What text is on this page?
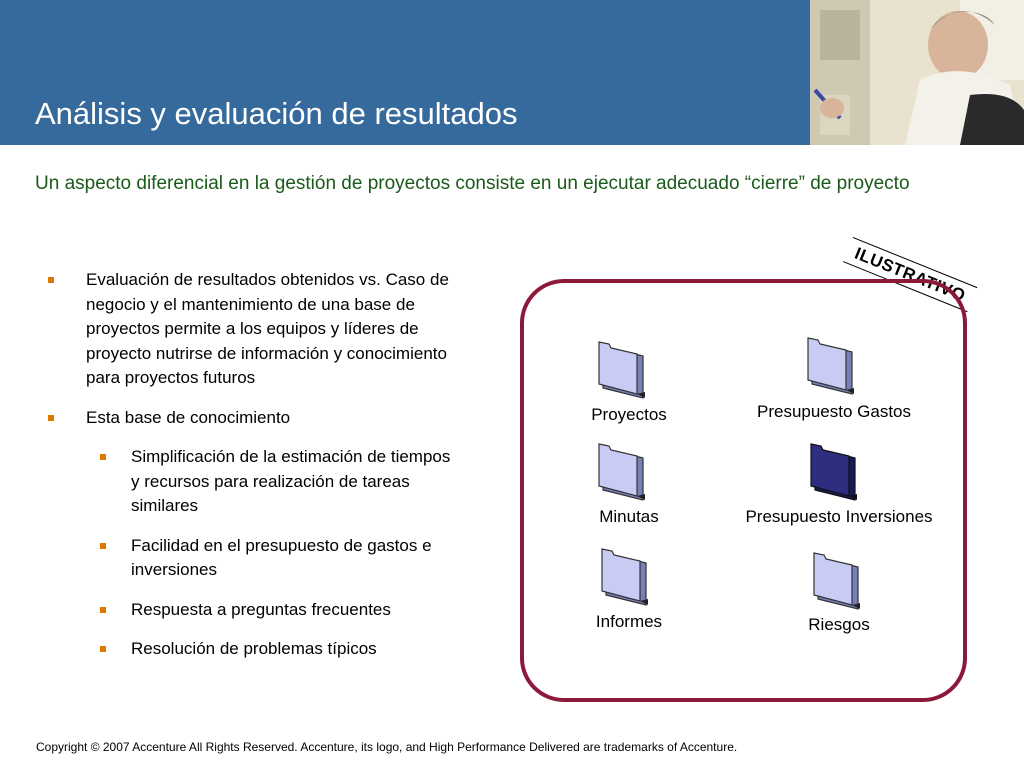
Análisis y evaluación de resultados
Un aspecto diferencial en la gestión de proyectos consiste en un ejecutar adecuado “cierre” de proyecto
Evaluación de resultados obtenidos vs. Caso de negocio y el mantenimiento de una base de proyectos permite a los equipos y líderes de proyecto nutrirse de información y conocimiento para proyectos futuros
Esta base de conocimiento
Simplificación de la estimación de tiempos y recursos para realización de tareas similares
Facilidad en el presupuesto de gastos e inversiones
Respuesta a preguntas frecuentes
Resolución de problemas típicos
ILUSTRATIVO
Proyectos	Presupuesto Gastos
Minutas	Presupuesto Inversiones
Informes	Riesgos
Copyright © 2007 Accenture All Rights Reserved. Accenture, its logo, and High Performance Delivered are trademarks of Accenture.
